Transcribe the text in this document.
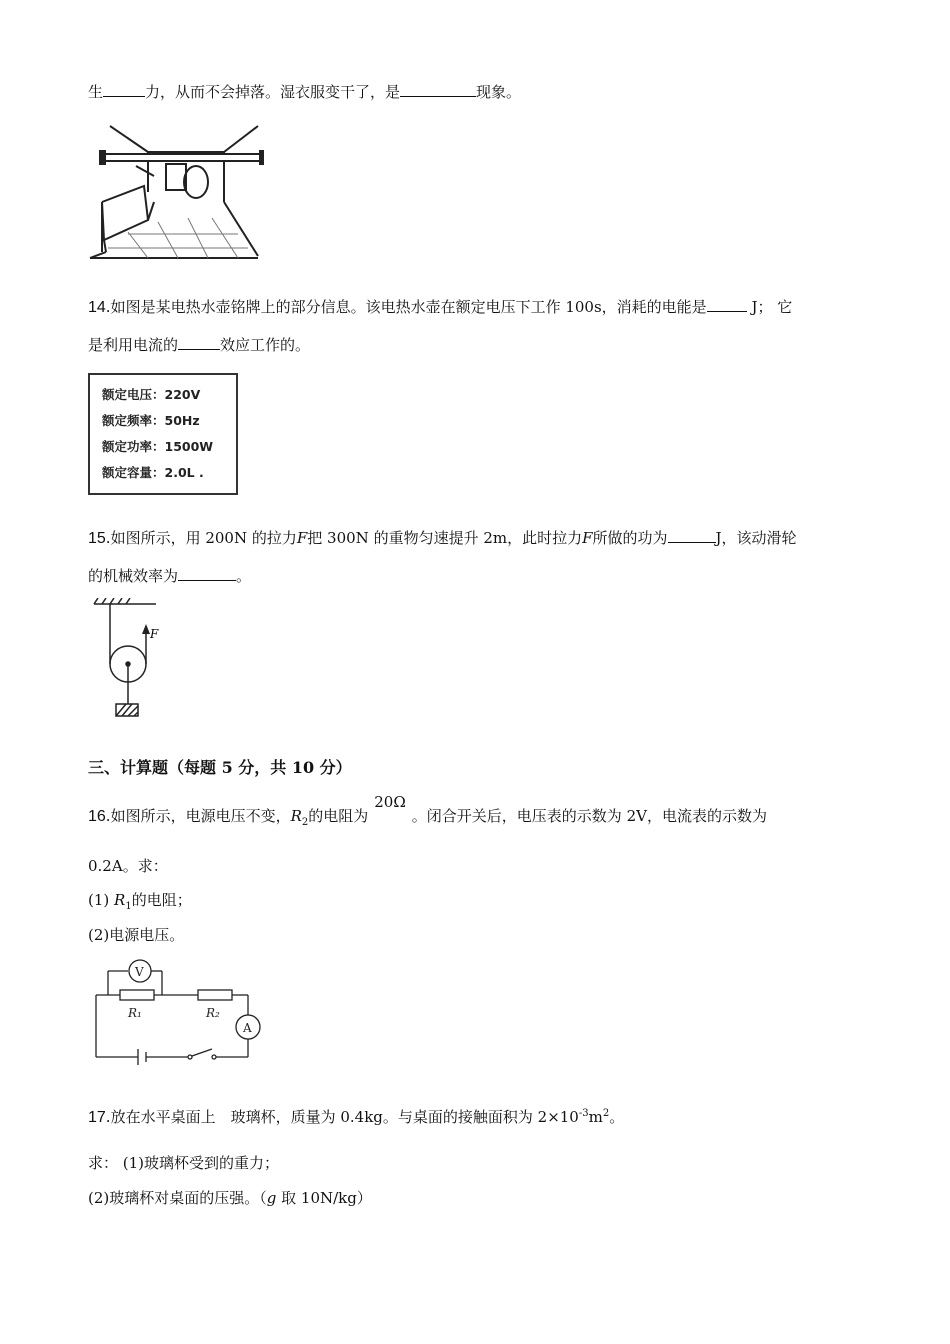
生	力，从而不会掉落。湿衣服变干了，是	现象。
14.如图是某电热水壶铭牌上的部分信息。该电热水壶在额定电压下工作 100s，消耗的电能是	J； 它
是利用电流的	效应工作的。
额定电压：220V
额定频率：50Hz
额定功率：1500W
额定容量：2.0L .
15.如图所示，用 200N 的拉力F把 300N 的重物匀速提升 2m，此时拉力F所做的功为	J，该动滑轮
的机械效率为	。
F
三、计算题（每题 5 分，共 10 分）
16.如图所示，电源电压不变，$R_2$的电阻为20Ω。闭合开关后，电压表的示数为 2V，电流表的示数为
0.2A。求：
(1) $R_1$的电阻；
(2)电源电压。
V
A
R₁	R₂
17.放在水平桌面上　玻璃杯，质量为 0.4kg。与桌面的接触面积为 $2\times 10^{-3}m^2$。
求： (1)玻璃杯受到的重力；
(2)玻璃杯对桌面的压强。（g 取 10N/kg）
